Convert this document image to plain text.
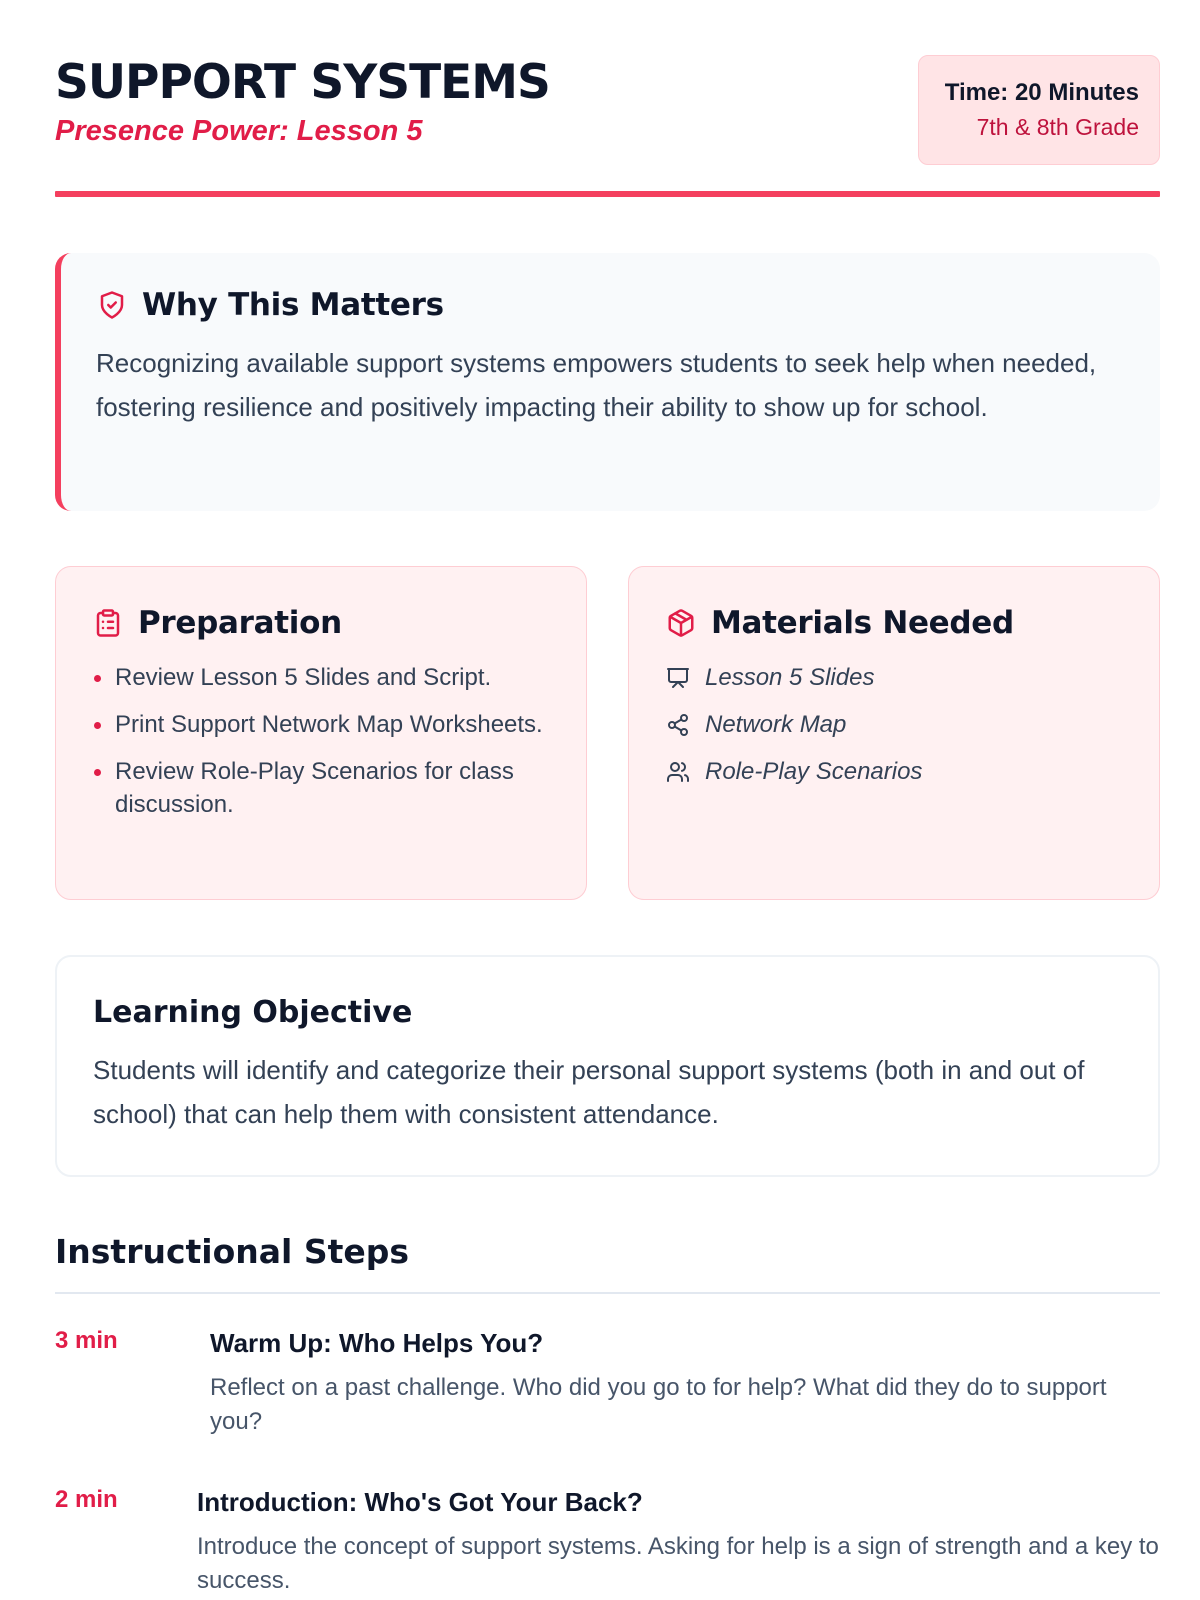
SUPPORT SYSTEMS
Presence Power: Lesson 5
Time: 20 Minutes
7th & 8th Grade
Why This Matters

Recognizing available support systems empowers students to seek help when needed, fostering resilience and positively impacting their ability to show up for school.

Preparation
Review Lesson 5 Slides and Script.
Print Support Network Map Worksheets.
Review Role-Play Scenarios for class discussion.
Materials Needed
Lesson 5 Slides
Network Map
Role-Play Scenarios
Learning Objective

Students will identify and categorize their personal support systems (both in and out of school) that can help them with consistent attendance.

Instructional Steps
3 min	Warm Up: Who Helps You?

Reflect on a past challenge. Who did you go to for help? What did they do to support you?

2 min	Introduction: Who's Got Your Back?

Introduce the concept of support systems. Asking for help is a sign of strength and a key to success.
